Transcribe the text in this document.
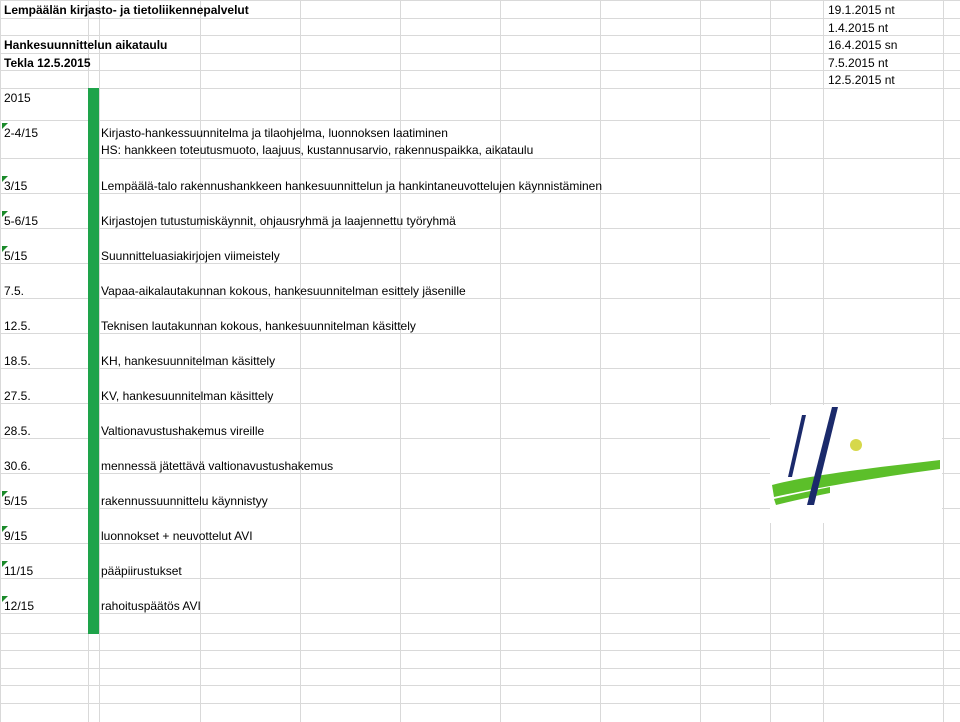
Lempäälän kirjasto- ja tietoliikennepalvelut
Hankesuunnittelun aikataulu
Tekla 12.5.2015
2015
19.1.2015 nt
1.4.2015 nt
16.4.2015 sn
7.5.2015 nt
12.5.2015 nt
2-4/15	Kirjasto-hankessuunnitelma ja tilaohjelma, luonnoksen laatiminen
HS: hankkeen toteutusmuoto, laajuus, kustannusarvio, rakennuspaikka, aikataulu
3/15	Lempäälä-talo rakennushankkeen hankesuunnittelun ja hankintaneuvottelujen käynnistäminen
5-6/15	Kirjastojen tutustumiskäynnit, ohjausryhmä ja laajennettu työryhmä
5/15	Suunnitteluasiakirjojen viimeistely
7.5.	Vapaa-aikalautakunnan kokous, hankesuunnitelman esittely jäsenille
12.5.	Teknisen lautakunnan kokous, hankesuunnitelman käsittely
18.5.	KH, hankesuunnitelman käsittely
27.5.	KV, hankesuunnitelman käsittely
28.5.	Valtionavustushakemus vireille
30.6.	mennessä jätettävä valtionavustushakemus
5/15	rakennussuunnittelu käynnistyy
9/15	luonnokset + neuvottelut AVI
11/15	pääpiirustukset
12/15	rahoituspäätös AVI
